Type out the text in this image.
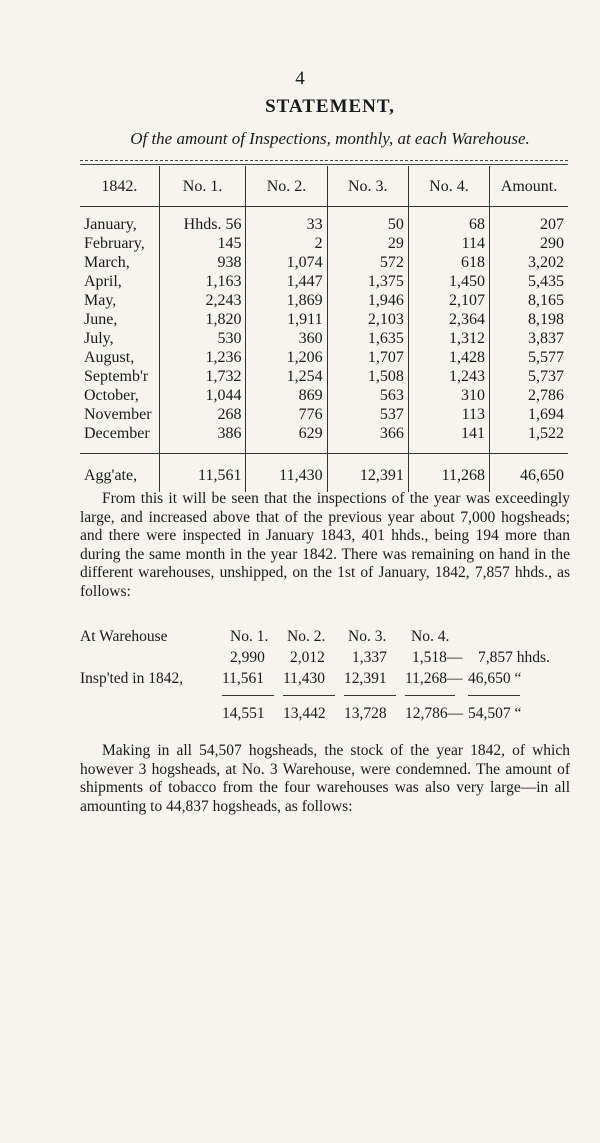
4
STATEMENT,
Of the amount of Inspections, monthly, at each Warehouse.
1842.	No. 1.	No. 2.	No. 3.	No. 4.	Amount.
January,	Hhds. 56	33	50	68	207
February,	145	2	29	114	290
March,	938	1,074	572	618	3,202
April,	1,163	1,447	1,375	1,450	5,435
May,	2,243	1,869	1,946	2,107	8,165
June,	1,820	1,911	2,103	2,364	8,198
July,	530	360	1,635	1,312	3,837
August,	1,236	1,206	1,707	1,428	5,577
Septemb'r	1,732	1,254	1,508	1,243	5,737
October,	1,044	869	563	310	2,786
November	268	776	537	113	1,694
December	386	629	366	141	1,522
Agg'ate,	11,561	11,430	12,391	11,268	46,650

From this it will be seen that the inspections of the year was exceedingly large, and increased above that of the previous year about 7,000 hogsheads; and there were inspected in January 1843, 401 hhds., being 194 more than during the same month in the year 1842. There was remaining on hand in the different warehouses, unshipped, on the 1st of January, 1842, 7,857 hhds., as follows:

At Warehouse	No. 1. No. 2. No. 3. No. 4.
2,990 2,012 1,337 1,518— 7,857 hhds.
Insp'ted in 1842,	11,561 11,430 12,391 11,268— 46,650 “
14,551 13,442 13,728 12,786— 54,507 “

Making in all 54,507 hogsheads, the stock of the year 1842, of which however 3 hogsheads, at No. 3 Warehouse, were condemned. The amount of shipments of tobacco from the four warehouses was also very large—in all amounting to 44,837 hogsheads, as follows:
